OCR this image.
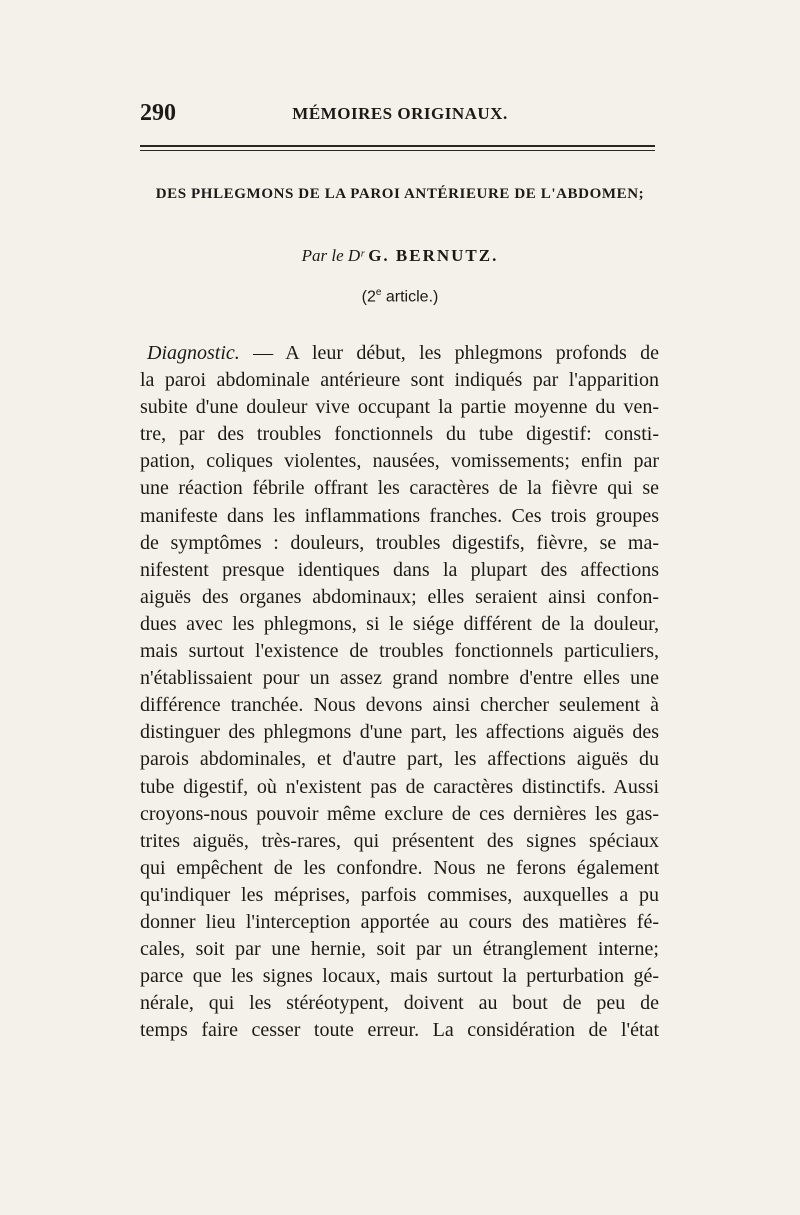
290	MÉMOIRES ORIGINAUX.
DES PHLEGMONS DE LA PAROI ANTÉRIEURE DE L'ABDOMEN;
Par le Dʳ G. BERNUTZ.
(2e article.)
Diagnostic. — A leur début, les phlegmons profonds de
la paroi abdominale antérieure sont indiqués par l'apparition
subite d'une douleur vive occupant la partie moyenne du ven-
tre, par des troubles fonctionnels du tube digestif: consti-
pation, coliques violentes, nausées, vomissements; enfin par
une réaction fébrile offrant les caractères de la fièvre qui se
manifeste dans les inflammations franches. Ces trois groupes
de symptômes : douleurs, troubles digestifs, fièvre, se ma-
nifestent presque identiques dans la plupart des affections
aiguës des organes abdominaux; elles seraient ainsi confon-
dues avec les phlegmons, si le siége différent de la douleur,
mais surtout l'existence de troubles fonctionnels particuliers,
n'établissaient pour un assez grand nombre d'entre elles une
différence tranchée. Nous devons ainsi chercher seulement à
distinguer des phlegmons d'une part, les affections aiguës des
parois abdominales, et d'autre part, les affections aiguës du
tube digestif, où n'existent pas de caractères distinctifs. Aussi
croyons-nous pouvoir même exclure de ces dernières les gas-
trites aiguës, très-rares, qui présentent des signes spéciaux
qui empêchent de les confondre. Nous ne ferons également
qu'indiquer les méprises, parfois commises, auxquelles a pu
donner lieu l'interception apportée au cours des matières fé-
cales, soit par une hernie, soit par un étranglement interne;
parce que les signes locaux, mais surtout la perturbation gé-
nérale, qui les stéréotypent, doivent au bout de peu de
temps faire cesser toute erreur. La considération de l'état
